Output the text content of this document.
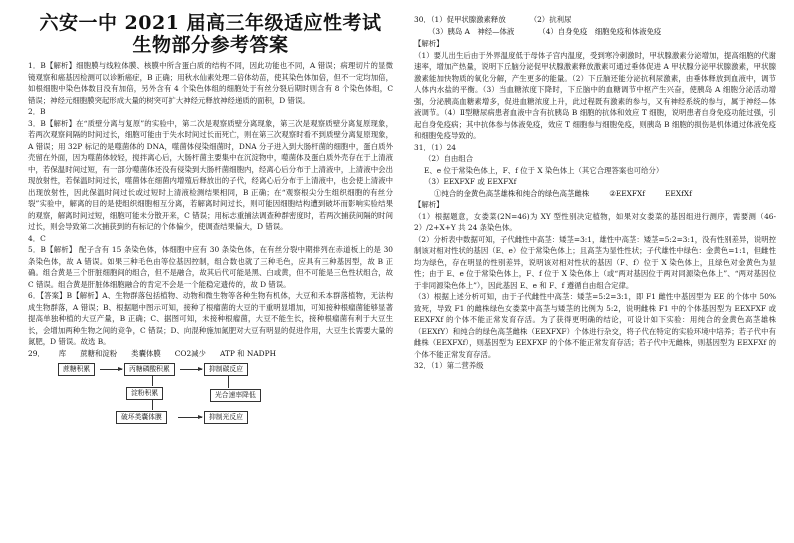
六安一中 2021 届高三年级适应性考试
生物部分参考答案
1．B【解析】细胞膜与线粒体膜、核膜中所含蛋白质的结构不同，因此功能也不同，A 错误；病理切片的显微镜观察和癌基因检测可以诊断癌症，B 正确；用秋水仙素处理二倍体幼苗，使其染色体加倍，但不一定均加倍，如根细胞中染色体数目没有加倍，另外含有 4 个染色体组的细胞处于有丝分裂后期时则含有 8 个染色体组，C 错误；神经元细胞膜突起形成大量的树突可扩大神经元释放神经递质的面积，D 错误。
2．B
3．B【解析】在“质壁分离与复原”的实验中，第二次是观察质壁分离现象，第三次是观察质壁分离复原现象，若两次观察间隔的时间过长，细胞可能由于失水时间过长而死亡，则在第三次观察时看不到质壁分离复原现象，A 错误；用 32P 标记的是噬菌体的 DNA，噬菌体侵染细菌时，DNA 分子进入到大肠杆菌的细胞中，蛋白质外壳留在外面，因为噬菌体较轻，搅拌离心后，大肠杆菌主要集中在沉淀物中，噬菌体及蛋白质外壳存在于上清液中，若保温时间过短，有一部分噬菌体还没有侵染到大肠杆菌细胞内，经离心后分布于上清液中，上清液中会出现放射性，若保温时间过长，噬菌体在细菌内增殖后释放出的子代，经离心后分布于上清液中，也会使上清液中出现放射性，因此保温时间过长或过短时上清液检测结果相同，B 正确；在“观察根尖分生组织细胞的有丝分裂”实验中，解离的目的是使组织细胞相互分离，若解离时间过长，则可能因细胞结构遭到破坏而影响实验结果的观察，解离时间过短，细胞可能未分散开来，C 错误；用标志重捕法调查种群密度时，若两次捕获间隔的时间过长，则会导致第二次捕获到的有标记的个体偏少，使调查结果偏大，D 错误。
4．C
5．B【解析】 配子含有 15 条染色体，体细胞中应有 30 条染色体，在有丝分裂中期排列在赤道板上的是 30 条染色体，故 A 错误。如果三种毛色由等位基因控制，组合数也就了三种毛色，应具有三种基因型，故 B 正确。组合黄是三个肝脏细胞间的组合，但不是融合，故其后代可能是黑、白或黄，但不可能是三色性状组合，故 C 错误。组合黄是肝脏体细胞融合的肯定不会是一个能稳定遗传的，故 D 错误。
6．【答案】B【解析】A、生物群落包括植物、动物和微生物等各种生物有机体，大豆和禾本群落植物，无法构成生物群落，A 错误；B、根据题中图示可知，接种了根瘤菌的大豆的干重明显增加，可知接种根瘤菌能够显著提高单独种植的大豆产量，B 正确；C、据图可知，未接种根瘤菌，大豆不能生长，接种根瘤菌有利于大豆生长，会增加两种生物之间的竞争，C 错误；D、向混种施加氮肥对大豆有明显的促进作用，大豆生长需要大量的氮肥，D 错误。故选 B。
29． 库 蔗糖和淀粉 类囊体膜 CO2减少 ATP 和 NADPH
蔗糖积累	丙糖磷酸积累	抑制碳反应
淀粉积累	光合速率降低
破坏类囊体膜	抑制光反应
30．（1）促甲状腺激素释放	（2）抗利尿
（3）胰岛 A　神经—体液	（4）自身免疫　细胞免疫和体液免疫
【解析】
（1）要儿出生后由于外界温度低于母体子宫内温度，受到寒冷刺激时，甲状腺激素分泌增加，提高细胞的代谢速率，增加产热量，说明下丘脑分泌促甲状腺激素释放激素可通过垂体促进 A 甲状腺分泌甲状腺激素，甲状腺激素能加快物质的氧化分解，产生更多的能量。（2）下丘脑还能分泌抗利尿激素，由垂体释放到血液中，调节人体内水盐的平衡。（3）当血糖浓度下降时，下丘脑中的血糖调节中枢产生兴奋，使胰岛 A 细胞分泌活动增强，分泌胰高血糖素增多，促进血糖浓度上升，此过程既有激素的参与，又有神经系统的参与，属于神经—体液调节。（4）Ⅱ型糖尿病患者血液中含有抗胰岛 B 细胞的抗体和效应 T 细胞，说明患者自身免疫功能过强，引起自身免疫病；其中抗体参与体液免疫，效应 T 细胞参与细胞免疫，则胰岛 B 细胞的损伤是机体通过体液免疫和细胞免疫导致的。
31．（1）24
（2）自由组合
E、e 位于常染色体上，F、f 位于 X 染色体上（其它合理答案也可给分）
（3）EEXFXF 或 EEXFXf
①纯合的金黄色高茎雄株和纯合的绿色高茎雌株	②EEXFXf	EEXfXf
【解析】
（1）根据题意，女娄菜(2N=46)为 XY 型性别决定植物，如果对女娄菜的基因组进行测序，需要测（46-2）/2+X+Y 共 24 条染色体。
（2）分析表中数据可知，子代雌性中高茎：矮茎=3:1，雄性中高茎：矮茎=5:2=3:1，没有性别差异，说明控制该对相对性状的基因（E、e）位于常染色体上；且高茎为显性性状；子代雄性中绿色：金黄色=1:1，但雌性均为绿色，存在明显的性别差异，说明该对相对性状的基因（F、f）位于 X 染色体上，且绿色对金黄色为显性；由于 E、e 位于常染色体上，F、f 位于 X 染色体上（或“两对基因位于两对同源染色体上”、“两对基因位于非同源染色体上”），因此基因 E、e 和 F、f 遵循自由组合定律。
（3）根据上述分析可知，由于子代雌性中高茎：矮茎=5:2=3:1，即 F1 雌性中基因型为 EE 的个体中 50%致死，导致 F1 的雌株绿色女娄菜中高茎与矮茎的比例为 5:2，说明雌株 F1 中的个体基因型为 EEXFXF 或 EEXFXf 的个体不能正常发育存活。为了获得更明确的结论，可设计如下实验：用纯合的金黄色高茎雄株（EEXfY）和纯合的绿色高茎雌株（EEXFXF）个体进行杂交，将子代在特定的实验环境中培养；若子代中有雌株（EEXFXf），则基因型为 EEXFXF 的个体不能正常发育存活；若子代中无雌株，则基因型为 EEXFXf 的个体不能正常发育存活。
32．（1）第二营养级
